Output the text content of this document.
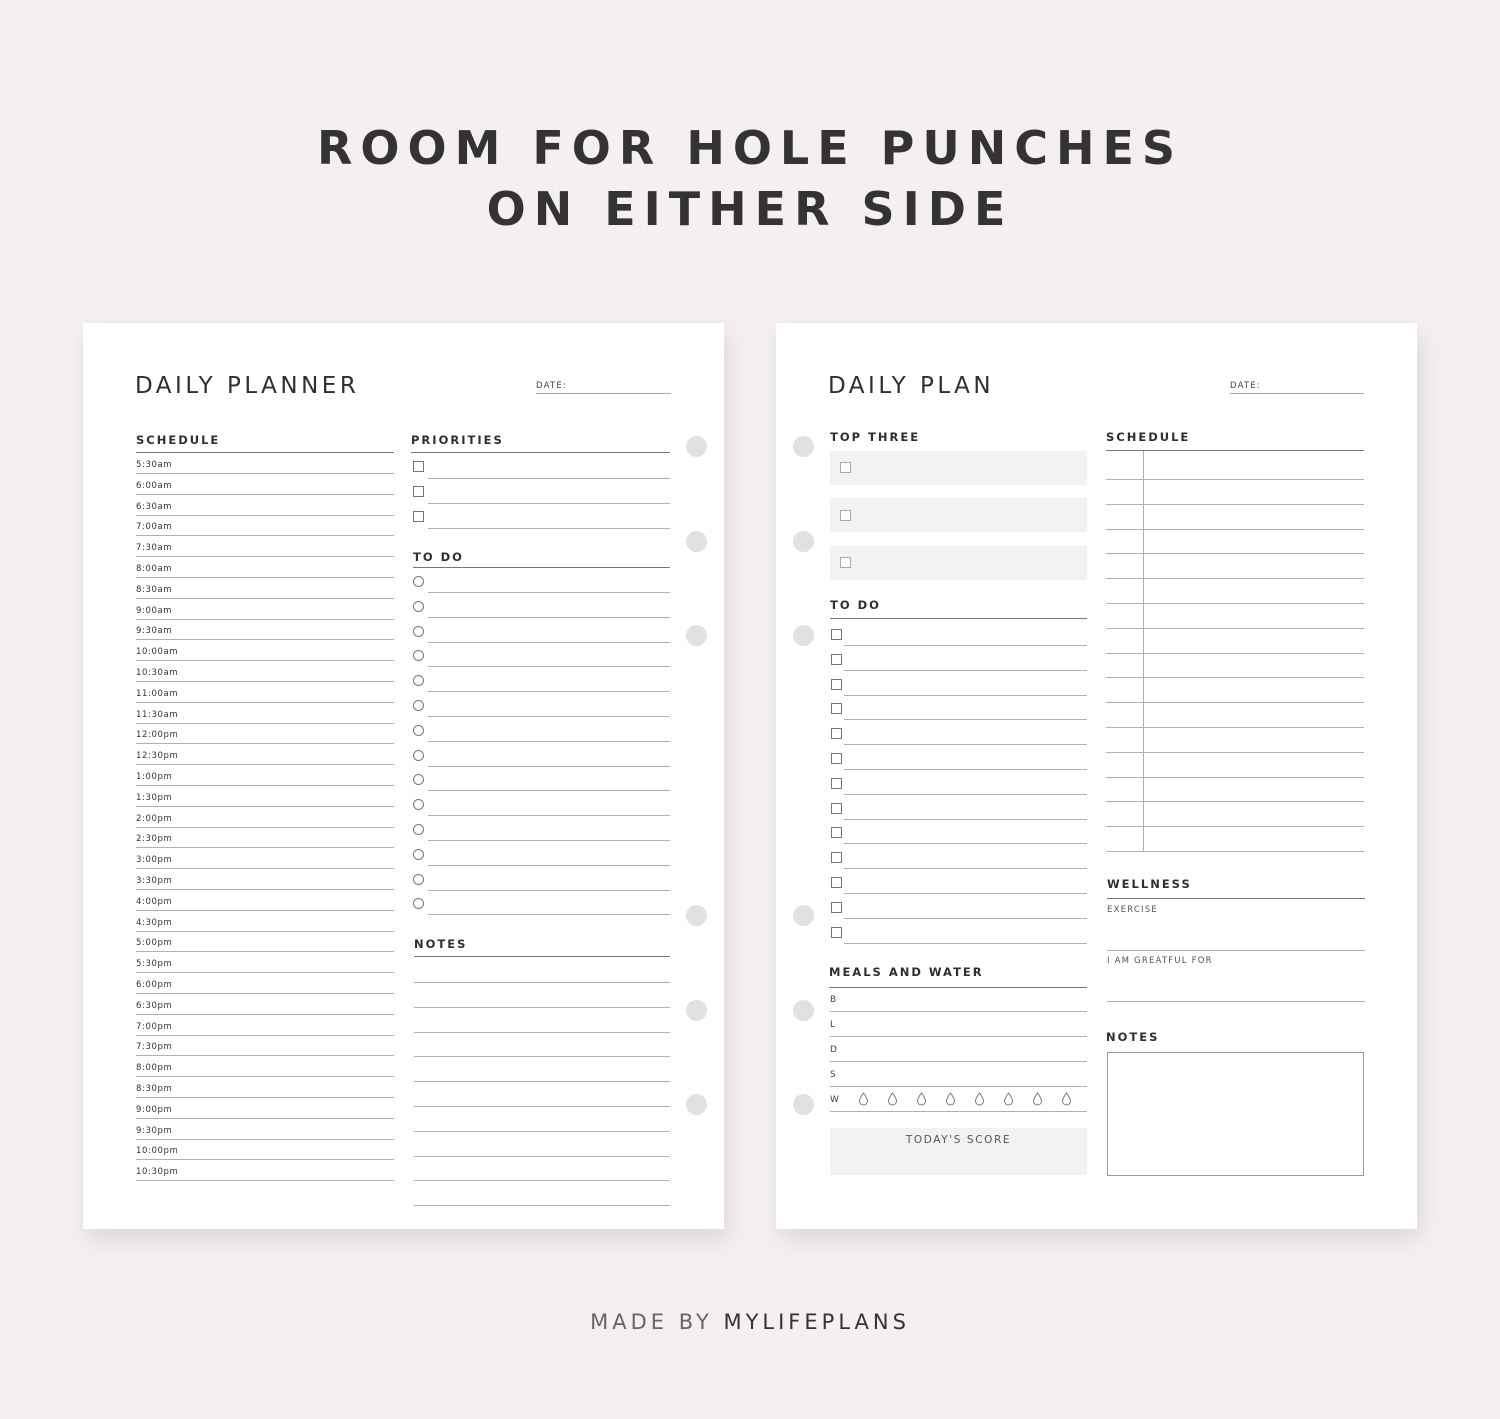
ROOM FOR HOLE PUNCHES
ON EITHER SIDE
DAILY PLANNER	DATE:
SCHEDULE
5:30am
6:00am
6:30am
7:00am
7:30am
8:00am
8:30am
9:00am
9:30am
10:00am
10:30am
11:00am
11:30am
12:00pm
12:30pm
1:00pm
1:30pm
2:00pm
2:30pm
3:00pm
3:30pm
4:00pm
4:30pm
5:00pm
5:30pm
6:00pm
6:30pm
7:00pm
7:30pm
8:00pm
8:30pm
9:00pm
9:30pm
10:00pm
10:30pm
PRIORITIES
TO DO
NOTES
DAILY PLAN	DATE:
TOP THREE
TO DO
MEALS AND WATER
B
L
D
S
W
TODAY'S SCORE
SCHEDULE
WELLNESS
EXERCISE
I AM GREATFUL FOR
NOTES
MADE BY MYLIFEPLANS
